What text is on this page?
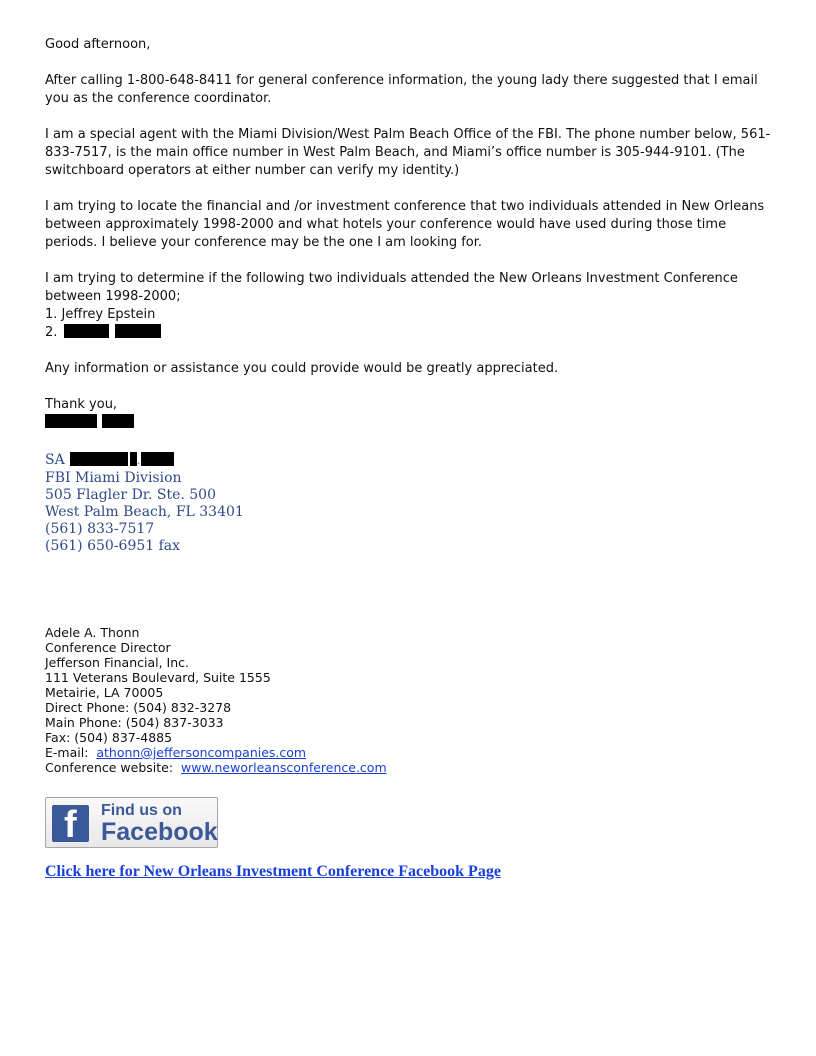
Good afternoon,

After calling 1-800-648-8411 for general conference information, the young lady there suggested that I email you as the conference coordinator.

I am a special agent with the Miami Division/West Palm Beach Office of the FBI. The phone number below, 561-833-7517, is the main office number in West Palm Beach, and Miami’s office number is 305-944-9101. (The switchboard operators at either number can verify my identity.)

I am trying to locate the financial and /or investment conference that two individuals attended in New Orleans between approximately 1998-2000 and what hotels your conference would have used during those time periods. I believe your conference may be the one I am looking for.

I am trying to determine if the following two individuals attended the New Orleans Investment Conference between 1998-2000;

1. Jeffrey Epstein

2.

Any information or assistance you could provide would be greatly appreciated.

Thank you,

SA	.

FBI Miami Division

505 Flagler Dr. Ste. 500

West Palm Beach, FL 33401

(561) 833-7517

(561) 650-6951 fax

Adele A. Thonn

Conference Director

Jefferson Financial, Inc.

111 Veterans Boulevard, Suite 1555

Metairie, LA 70005

Direct Phone: (504) 832-3278

Main Phone: (504) 837-3033

Fax: (504) 837-4885

E-mail: athonn@jeffersoncompanies.com

Conference website: www.neworleansconference.com

f Find us on
Facebook
Click here for New Orleans Investment Conference Facebook Page
